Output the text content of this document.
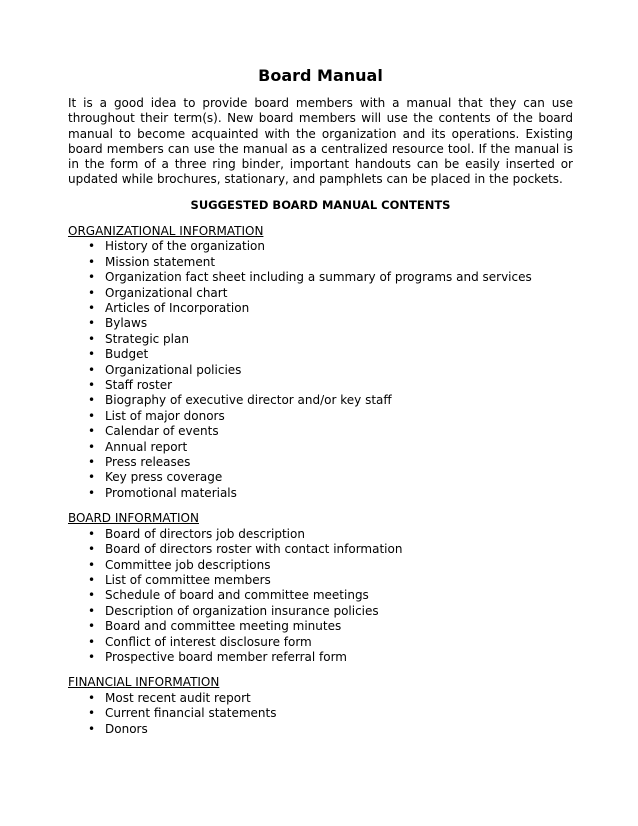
Board Manual

It is a good idea to provide board members with a manual that they can use throughout their term(s). New board members will use the contents of the board manual to become acquainted with the organization and its operations. Existing board members can use the manual as a centralized resource tool. If the manual is in the form of a three ring binder, important handouts can be easily inserted or updated while brochures, stationary, and pamphlets can be placed in the pockets.

SUGGESTED BOARD MANUAL CONTENTS
ORGANIZATIONAL INFORMATION
• History of the organization
• Mission statement
• Organization fact sheet including a summary of programs and services
• Organizational chart
• Articles of Incorporation
• Bylaws
• Strategic plan
• Budget
• Organizational policies
• Staff roster
• Biography of executive director and/or key staff
• List of major donors
• Calendar of events
• Annual report
• Press releases
• Key press coverage
• Promotional materials
BOARD INFORMATION
• Board of directors job description
• Board of directors roster with contact information
• Committee job descriptions
• List of committee members
• Schedule of board and committee meetings
• Description of organization insurance policies
• Board and committee meeting minutes
• Conflict of interest disclosure form
• Prospective board member referral form
FINANCIAL INFORMATION
• Most recent audit report
• Current financial statements
• Donors
